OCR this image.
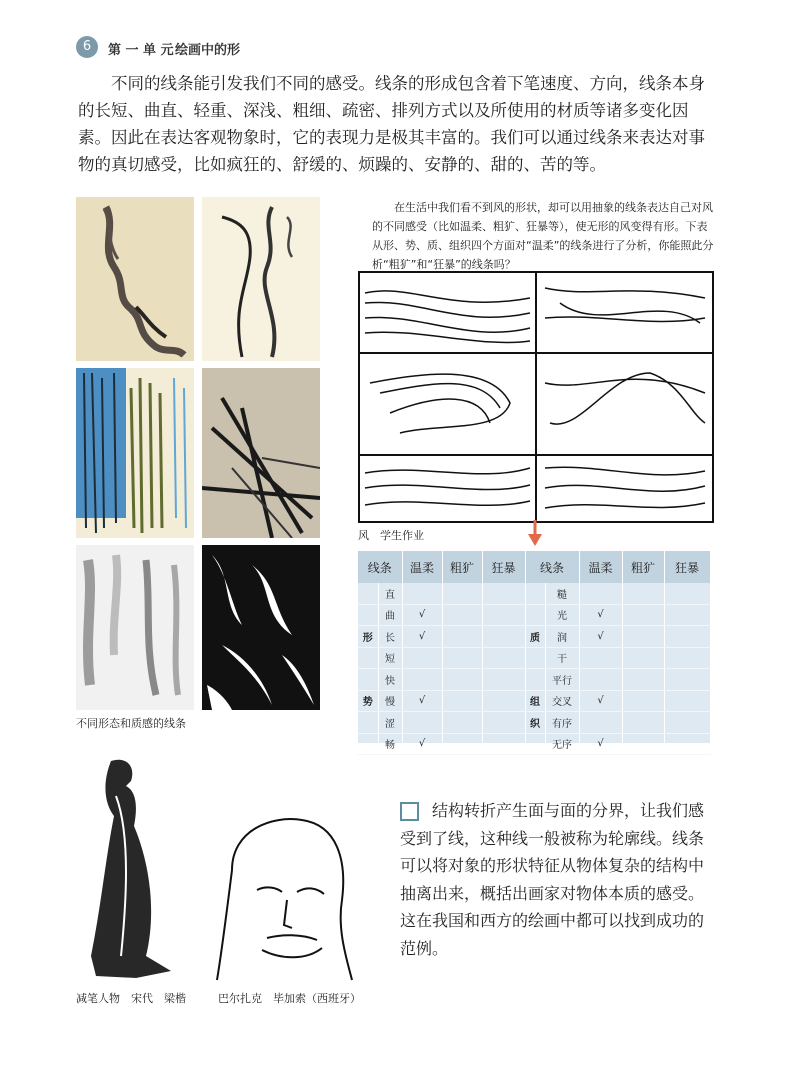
6	第 一 单 元 绘画中的形
不同的线条能引发我们不同的感受。线条的形成包含着下笔速度、方向，线条本身的长短、曲直、轻重、深浅、粗细、疏密、排列方式以及所使用的材质等诸多变化因素。因此在表达客观物象时，它的表现力是极其丰富的。我们可以通过线条来表达对事物的真切感受，比如疯狂的、舒缓的、烦躁的、安静的、甜的、苦的等。
不同形态和质感的线条
在生活中我们看不到风的形状，却可以用抽象的线条表达自己对风的不同感受（比如温柔、粗犷、狂暴等），使无形的风变得有形。下表从形、势、质、组织四个方面对“温柔”的线条进行了分析，你能照此分析“粗犷”和“狂暴”的线条吗？
风　学生作业
线条		温柔	粗犷	狂暴	线条		温柔	粗犷	狂暴
	直					糙			
	曲	√				光	√		
形	长	√			质	润	√		
	短					干			
	快					平行			
势	慢	√			组	交叉	√		
	涩				织	有序			
	畅	√				无序	√		
减笔人物　宋代　梁楷	巴尔扎克　毕加索（西班牙）
结构转折产生面与面的分界，让我们感受到了线，这种线一般被称为轮廓线。线条可以将对象的形状特征从物体复杂的结构中抽离出来，概括出画家对物体本质的感受。这在我国和西方的绘画中都可以找到成功的范例。
